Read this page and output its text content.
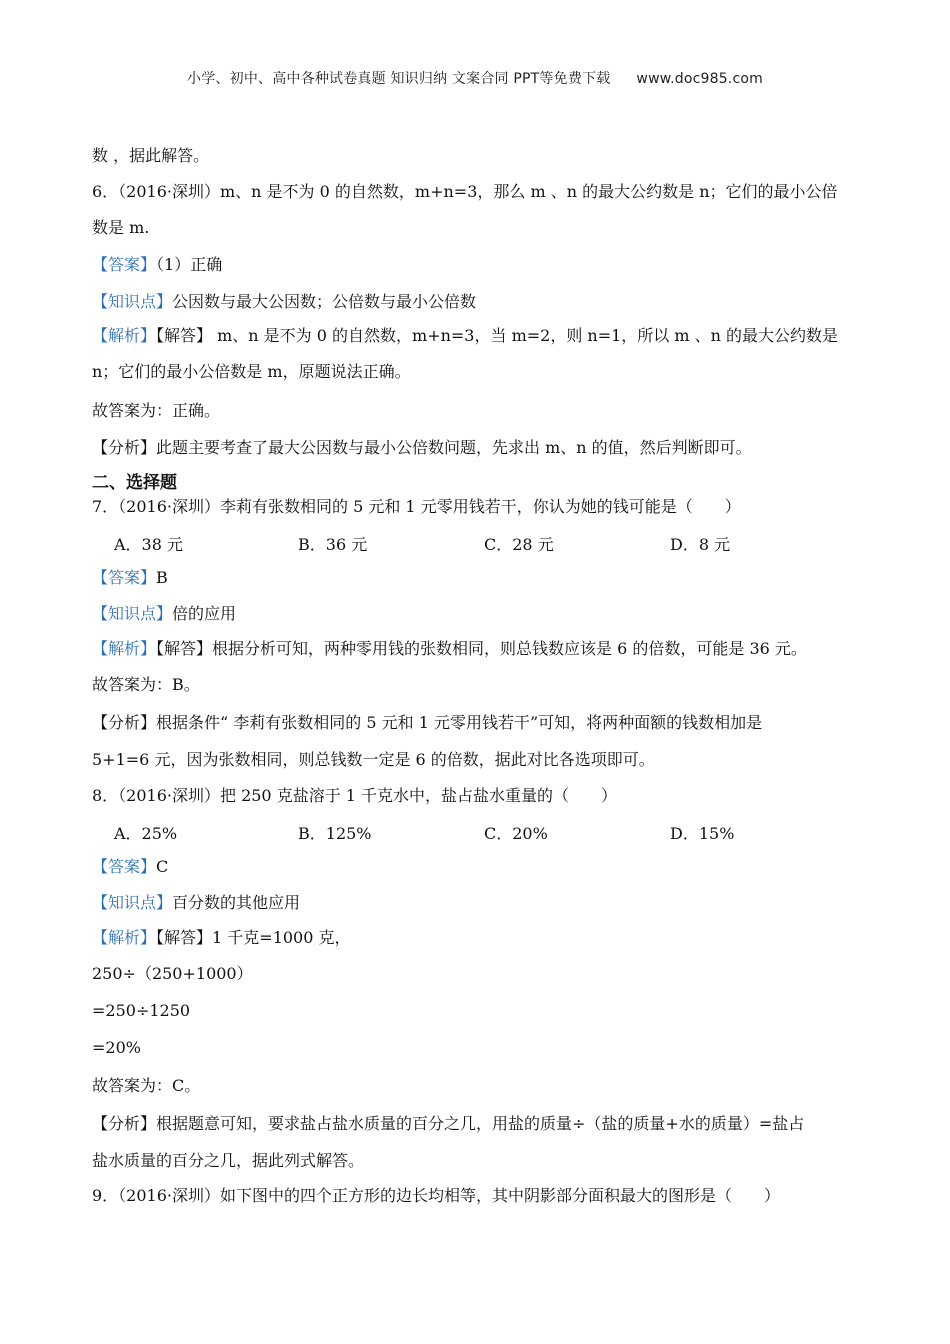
小学、初中、高中各种试卷真题 知识归纳 文案合同 PPT等免费下载 www.doc985.com
数 ，据此解答。
6．（2016·深圳）m、n 是不为 0 的自然数，m+n=3，那么 m 、n 的最大公约数是 n；它们的最小公倍
数是 m.
【答案】（1）正确
【知识点】公因数与最大公因数；公倍数与最小公倍数
【解析】【解答】 m、n 是不为 0 的自然数，m+n=3，当 m=2，则 n=1，所以 m 、n 的最大公约数是
n；它们的最小公倍数是 m，原题说法正确。
故答案为：正确。
【分析】此题主要考查了最大公因数与最小公倍数问题，先求出 m、n 的值，然后判断即可。
二、选择题
7．（2016·深圳）李莉有张数相同的 5 元和 1 元零用钱若干，你认为她的钱可能是（　　）
A．38 元	B．36 元	C．28 元	D．8 元
【答案】B
【知识点】倍的应用
【解析】【解答】根据分析可知，两种零用钱的张数相同，则总钱数应该是 6 的倍数，可能是 36 元。
故答案为：B。
【分析】根据条件“ 李莉有张数相同的 5 元和 1 元零用钱若干”可知，将两种面额的钱数相加是
5+1=6 元，因为张数相同，则总钱数一定是 6 的倍数，据此对比各选项即可。
8．（2016·深圳）把 250 克盐溶于 1 千克水中，盐占盐水重量的（　　）
A．25%	B．125%	C．20%	D．15%
【答案】C
【知识点】百分数的其他应用
【解析】【解答】1 千克=1000 克，
250÷（250+1000）
=250÷1250
=20%
故答案为：C。
【分析】根据题意可知，要求盐占盐水质量的百分之几，用盐的质量÷（盐的质量+水的质量）=盐占
盐水质量的百分之几，据此列式解答。
9．（2016·深圳）如下图中的四个正方形的边长均相等，其中阴影部分面积最大的图形是（　　）
